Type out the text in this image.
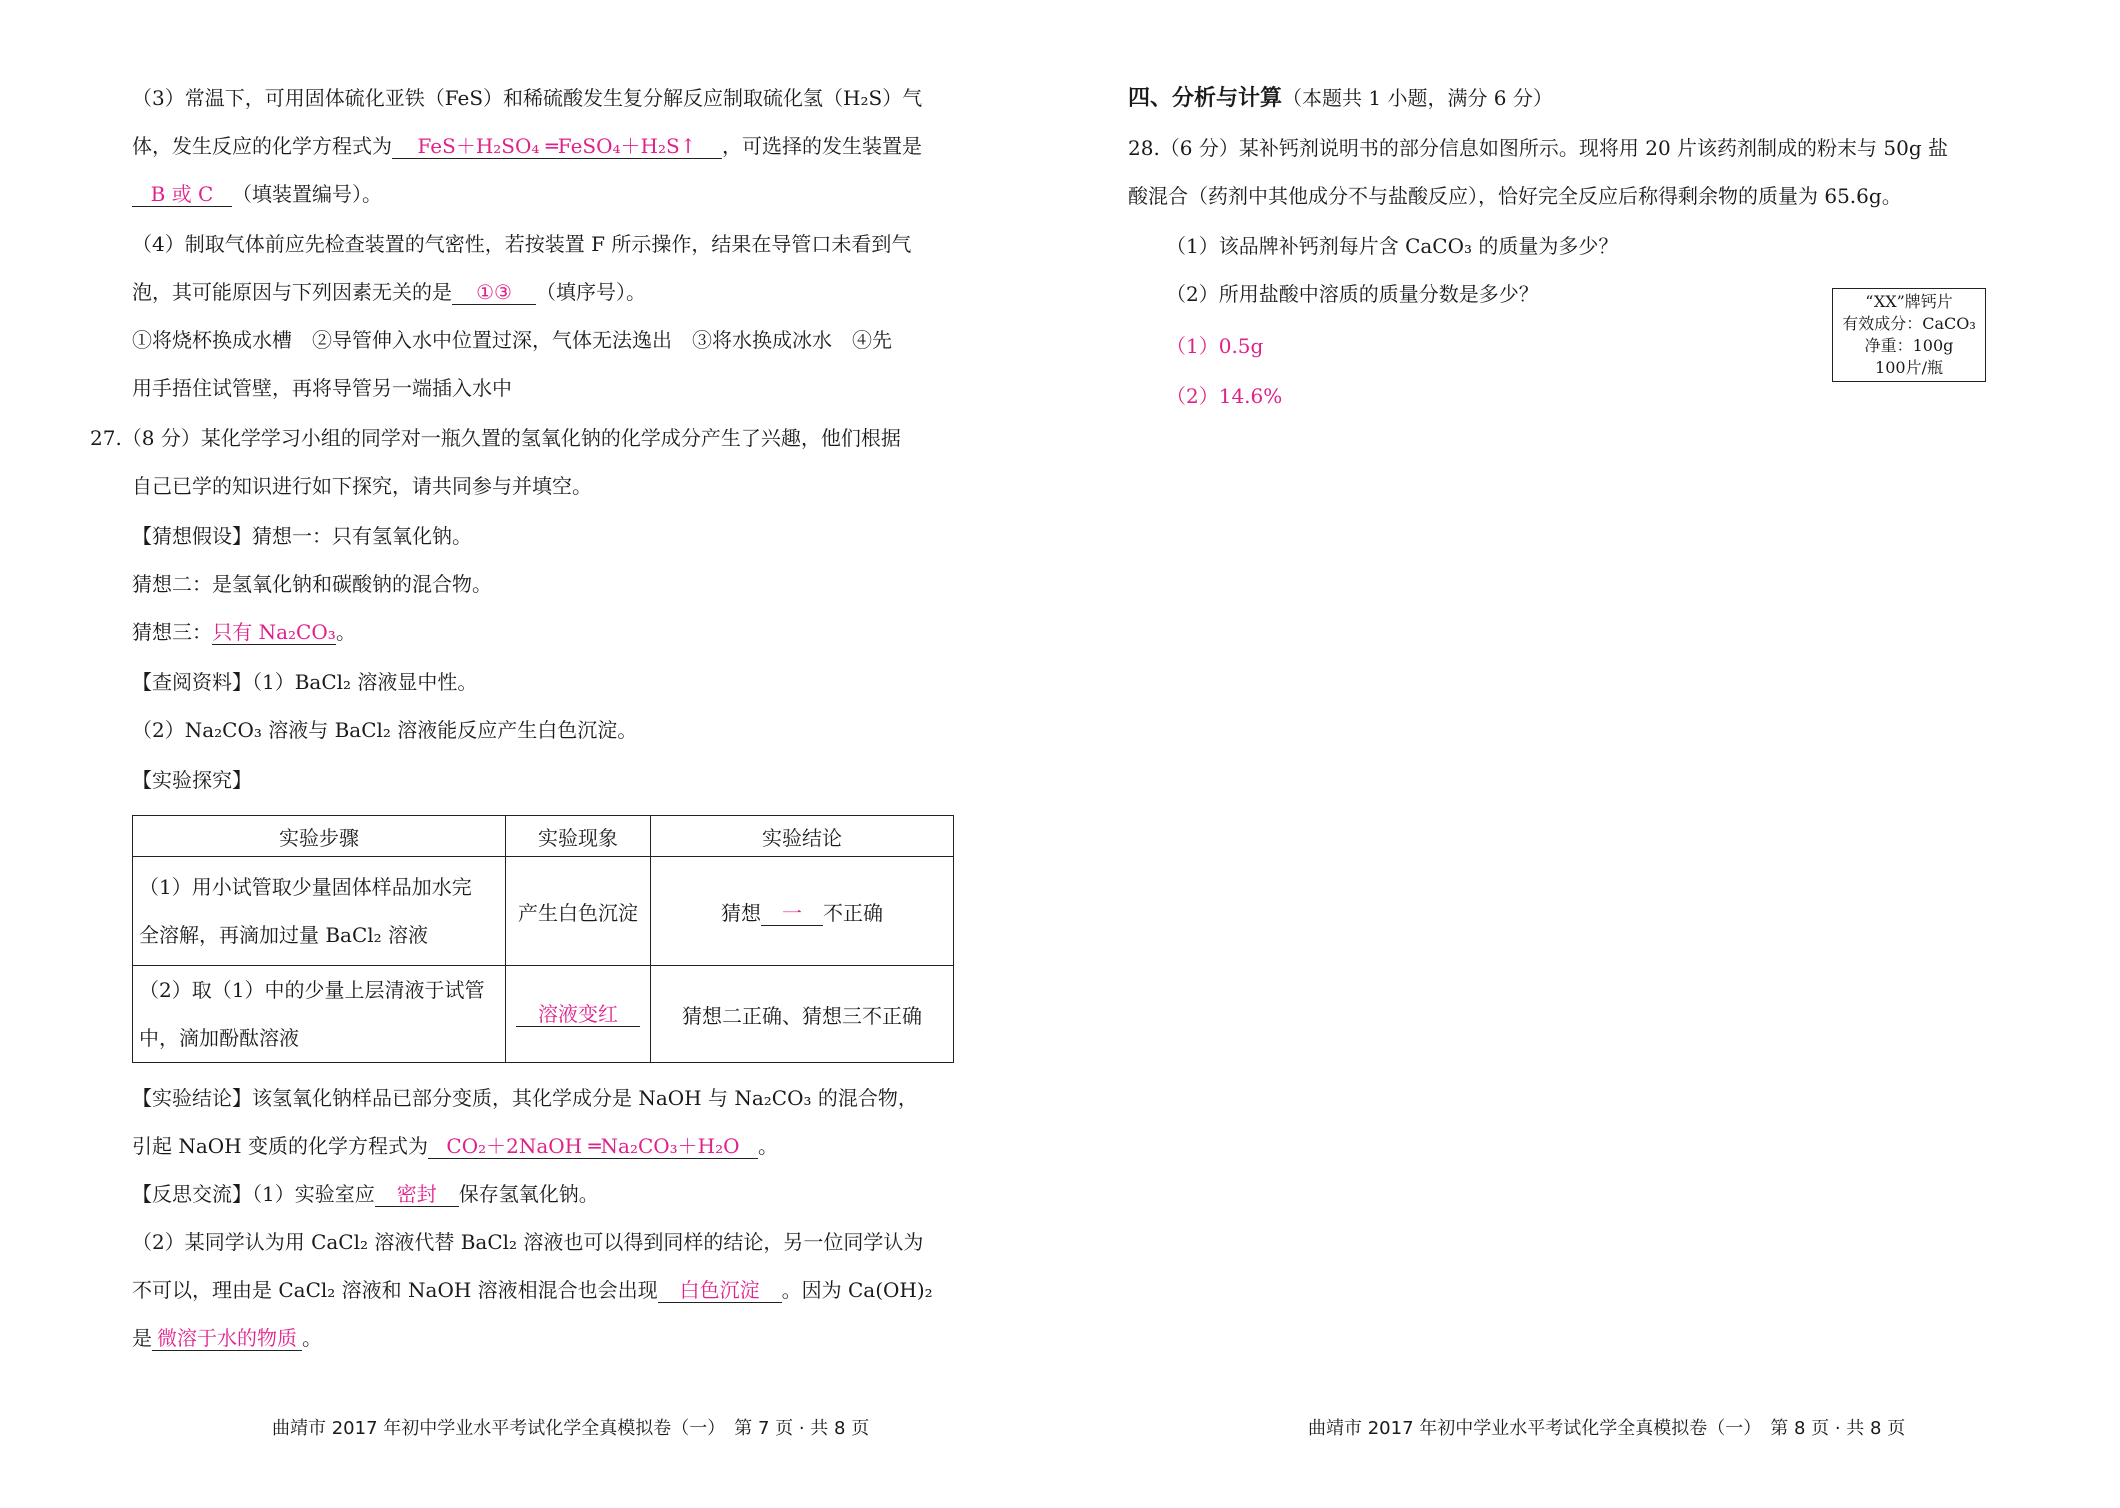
（3）常温下，可用固体硫化亚铁（FeS）和稀硫酸发生复分解反应制取硫化氢（H₂S）气
体，发生反应的化学方程式为 FeS＋H₂SO₄ ═FeSO₄＋H₂S↑ ，可选择的发生装置是
B 或 C （填装置编号）。
（4）制取气体前应先检查装置的气密性，若按装置 F 所示操作，结果在导管口未看到气
泡，其可能原因与下列因素无关的是 ①③ （填序号）。
①将烧杯换成水槽　②导管伸入水中位置过深，气体无法逸出　③将水换成冰水　④先
用手捂住试管壁，再将导管另一端插入水中
27.（8 分）某化学学习小组的同学对一瓶久置的氢氧化钠的化学成分产生了兴趣，他们根据
自己已学的知识进行如下探究，请共同参与并填空。
【猜想假设】猜想一：只有氢氧化钠。
猜想二：是氢氧化钠和碳酸钠的混合物。
猜想三：只有 Na₂CO₃。
【查阅资料】（1）BaCl₂ 溶液显中性。
（2）Na₂CO₃ 溶液与 BaCl₂ 溶液能反应产生白色沉淀。
【实验探究】
实验步骤	实验现象	实验结论

（1）用小试管取少量固体样品加水完
全溶解，再滴加过量 BaCl₂ 溶液	产生白色沉淀	猜想 一 不正确

（2）取（1）中的少量上层清液于试管
中，滴加酚酞溶液	溶液变红	猜想二正确、猜想三不正确
【实验结论】该氢氧化钠样品已部分变质，其化学成分是 NaOH 与 Na₂CO₃ 的混合物，
引起 NaOH 变质的化学方程式为 CO₂＋2NaOH ═Na₂CO₃＋H₂O 。
【反思交流】（1）实验室应 密封 保存氢氧化钠。
（2）某同学认为用 CaCl₂ 溶液代替 BaCl₂ 溶液也可以得到同样的结论，另一位同学认为
不可以，理由是 CaCl₂ 溶液和 NaOH 溶液相混合也会出现 白色沉淀 。因为 Ca(OH)₂
是 微溶于水的物质 。
曲靖市 2017 年初中学业水平考试化学全真模拟卷（一）　第 7 页 · 共 8 页
四、分析与计算（本题共 1 小题，满分 6 分）
28.（6 分）某补钙剂说明书的部分信息如图所示。现将用 20 片该药剂制成的粉末与 50g 盐
酸混合（药剂中其他成分不与盐酸反应），恰好完全反应后称得剩余物的质量为 65.6g。
（1）该品牌补钙剂每片含 CaCO₃ 的质量为多少？
（2）所用盐酸中溶质的质量分数是多少？
（1）0.5g
（2）14.6%
“XX”牌钙片
有效成分：CaCO₃
净重：100g
100片/瓶
曲靖市 2017 年初中学业水平考试化学全真模拟卷（一）　第 8 页 · 共 8 页
